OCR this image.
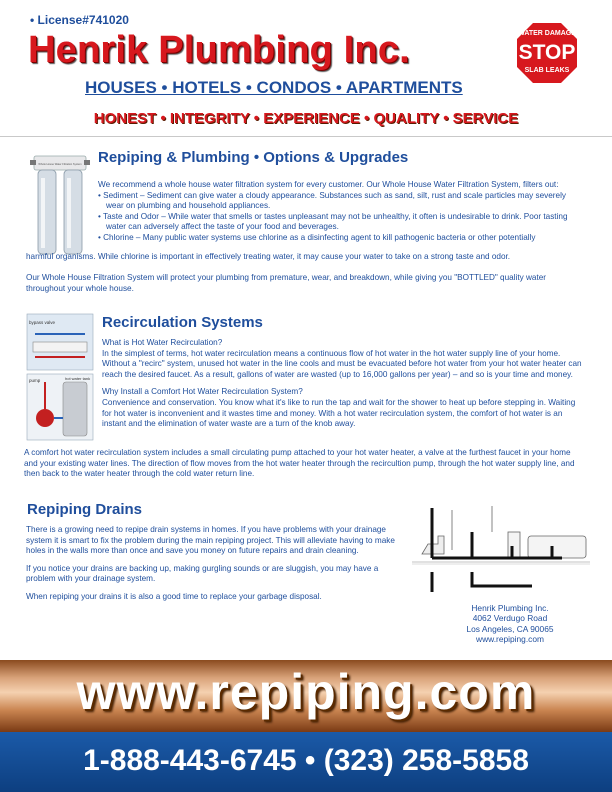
• License#741020
Henrik Plumbing Inc.	WATER DAMAGE
STOP
SLAB LEAKS
HOUSES • HOTELS • CONDOS • APARTMENTS
HONEST • INTEGRITY • EXPERIENCE • QUALITY • SERVICE
Whole House Water Filtration System Repiping & Plumbing • Options & Upgrades
We recommend a whole house water filtration system for every customer. Our Whole House Water Filtration System, filters out:
• Sediment – Sediment can give water a cloudy appearance. Substances such as sand, silt, rust and scale particles may severely wear on plumbing and household appliances.
• Taste and Odor – While water that smells or tastes unpleasant may not be unhealthy, it often is undesirable to drink. Poor tasting water can adversely affect the taste of your food and beverages.
• Chlorine – Many public water systems use chlorine as a disinfecting agent to kill pathogenic bacteria or other potentially
harmful organisms. While chlorine is important in effectively treating water, it may cause your water to take on a strong taste and odor.
Our Whole House Filtration System will protect your plumbing from premature, wear, and breakdown, while giving you "BOTTLED" quality water throughout your whole house.
bypass valve
pump	hot water tank
Recirculation Systems
What is Hot Water Recirculation?

In the simplest of terms, hot water recirculation means a continuous flow of hot water in the hot water supply line of your home. Without a "recirc" system, unused hot water in the line cools and must be evacuated before hot water from your hot water heater can reach the desired faucet. As a result, gallons of water are wasted (up to 16,000 gallons per year) – and so is your time and money.

Why Install a Comfort Hot Water Recirculation System?

Convenience and conservation. You know what it's like to run the tap and wait for the shower to heat up before stepping in. Waiting for hot water is inconvenient and it wastes time and money. With a hot water recirculation system, the comfort of hot water is an instant and the elimination of water waste are a turn of the knob away.

A comfort hot water recirculation system includes a small circulating pump attached to your hot water heater, a valve at the furthest faucet in your home and your existing water lines. The direction of flow moves from the hot water heater through the recircultion pump, through the hot water supply line, and then back to the water heater through the cold water return line.
Repiping Drains

There is a growing need to repipe drain systems in homes. If you have problems with your drainage system it is smart to fix the problem during the main repiping project. This will alleviate having to make holes in the walls more than once and save you money on future repairs and drain cleaning.

If you notice your drains are backing up, making gurgling sounds or are sluggish, you may have a problem with your drainage system.

When repiping your drains it is also a good time to replace your garbage disposal.

Henrik Plumbing Inc.
4062 Verdugo Road
Los Angeles, CA 90065
www.repiping.com
www.repiping.com
1-888-443-6745 • (323) 258-5858
